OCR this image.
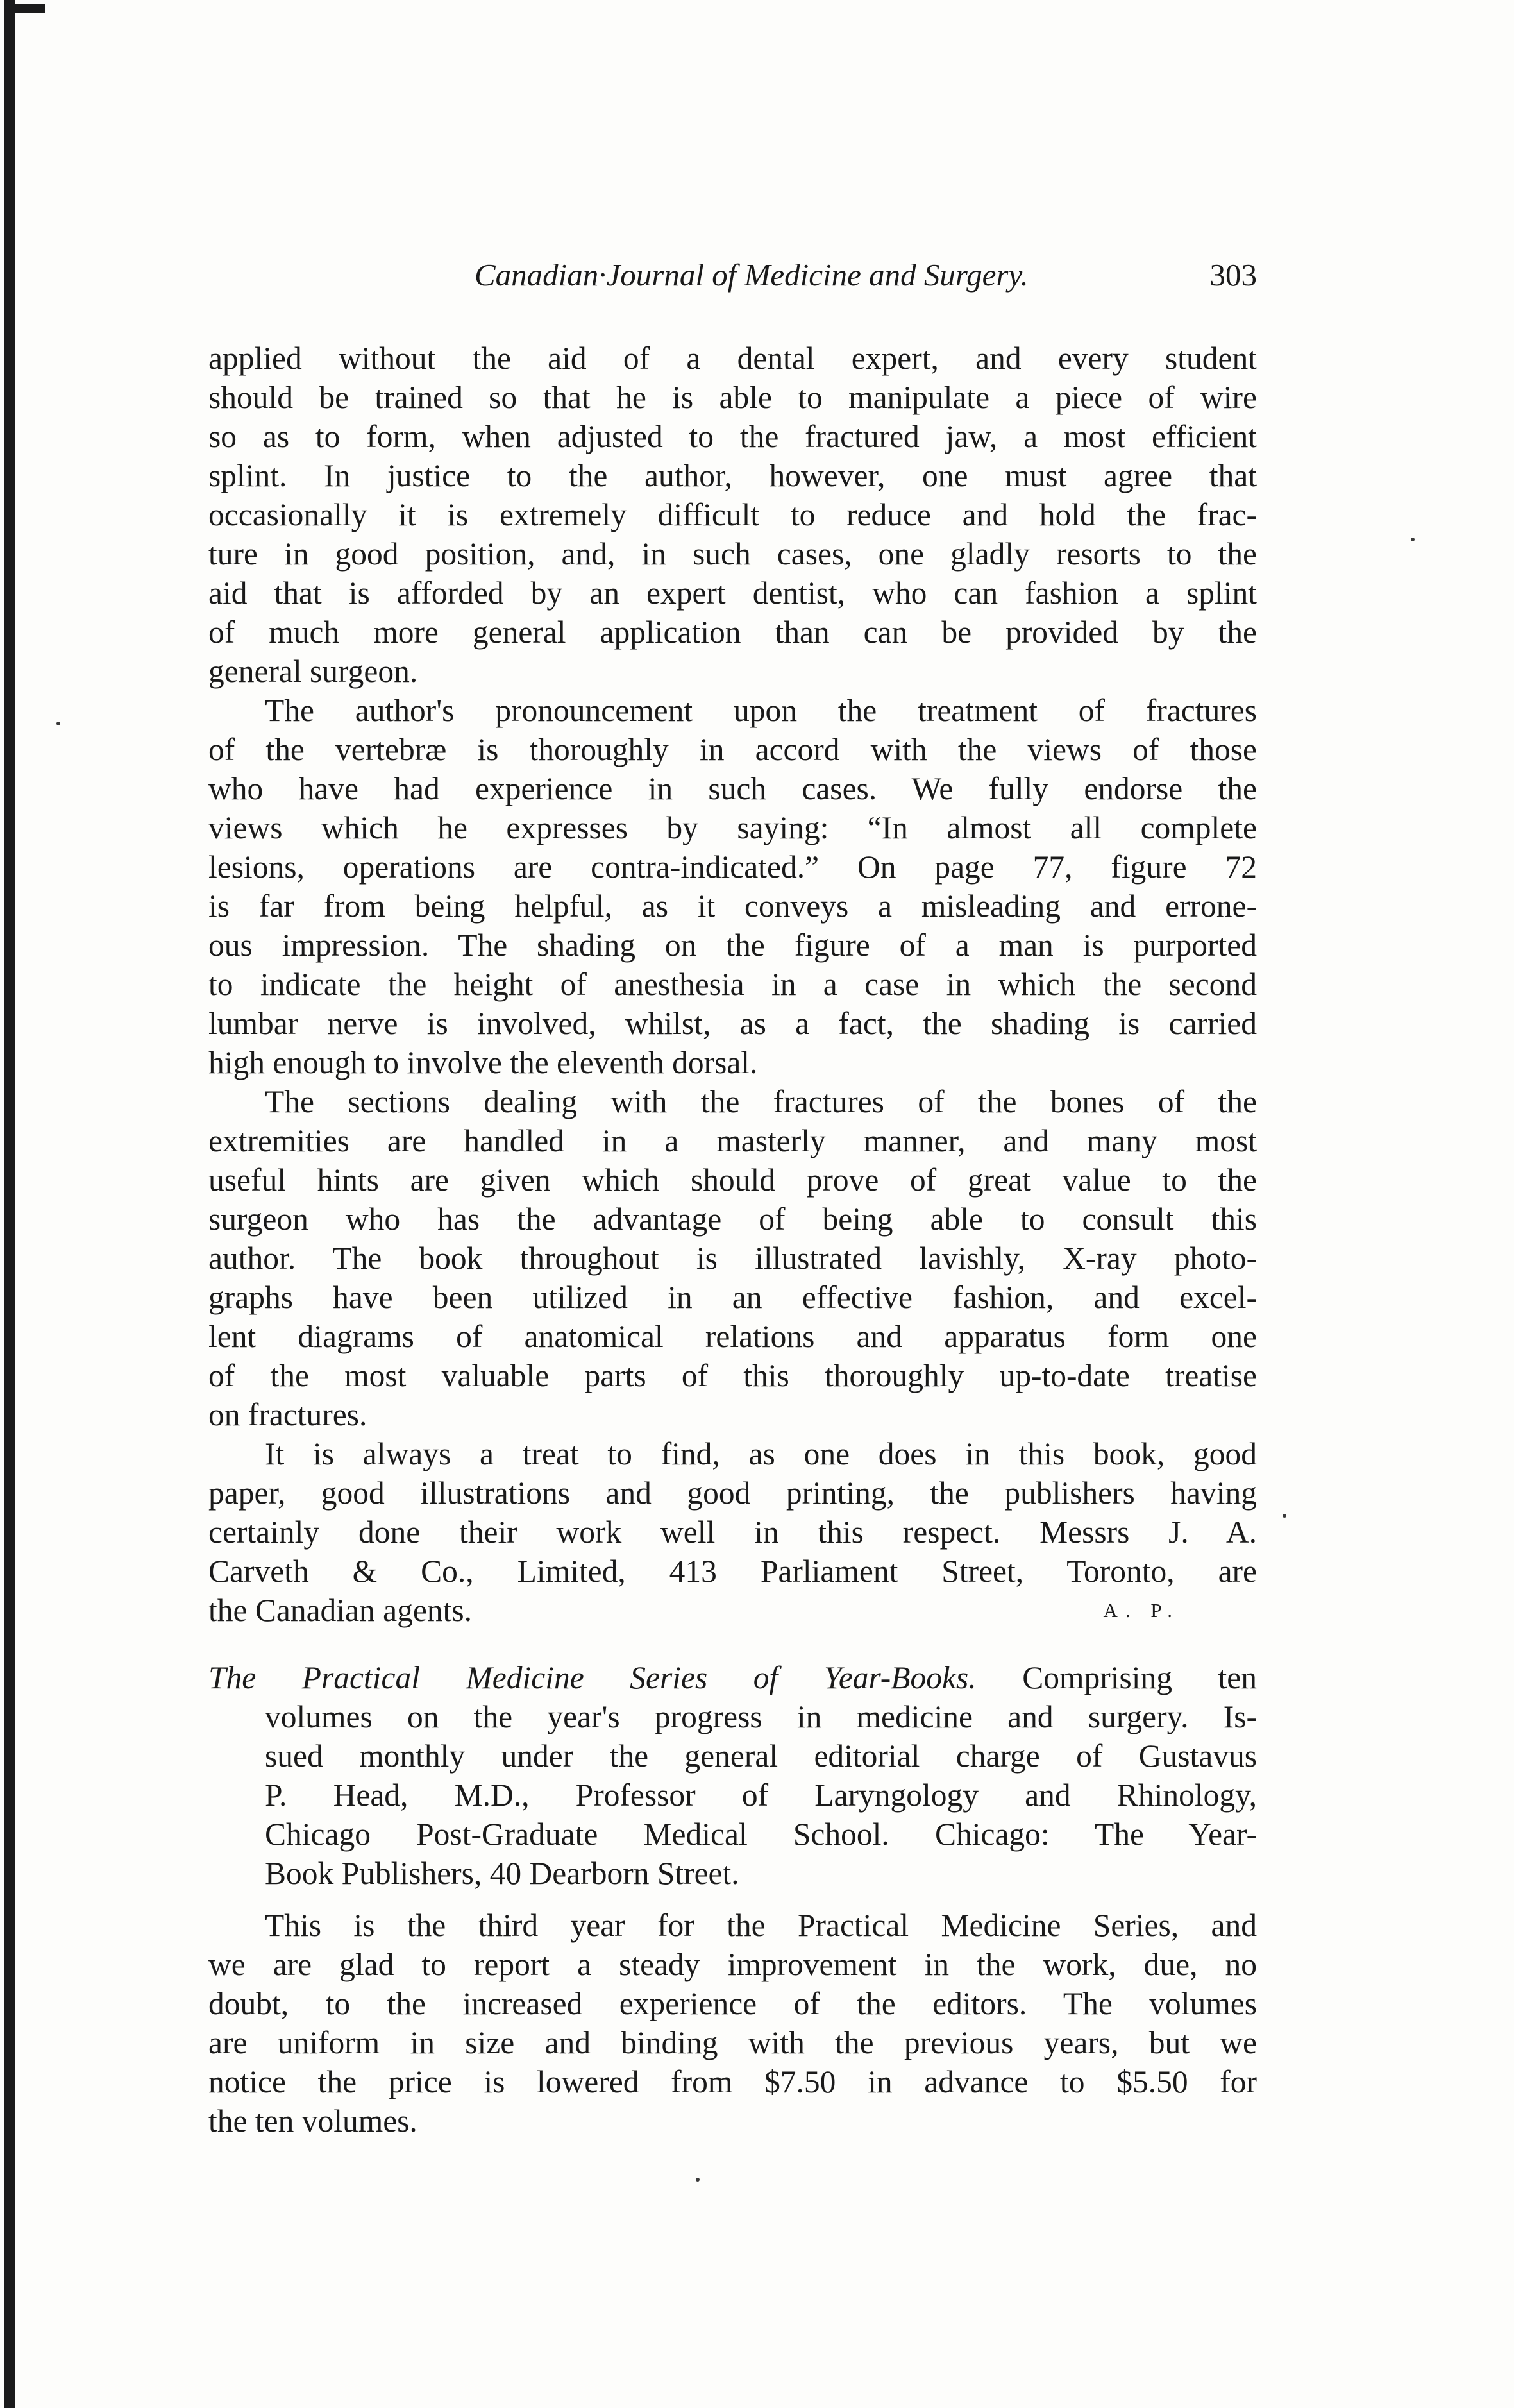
Canadian·Journal of Medicine and Surgery.	303
applied without the aid of a dental expert, and every student
should be trained so that he is able to manipulate a piece of wire
so as to form, when adjusted to the fractured jaw, a most efficient
splint. In justice to the author, however, one must agree that
occasionally it is extremely difficult to reduce and hold the frac-
ture in good position, and, in such cases, one gladly resorts to the
aid that is afforded by an expert dentist, who can fashion a splint
of much more general application than can be provided by the
general surgeon.
The author's pronouncement upon the treatment of fractures
of the vertebræ is thoroughly in accord with the views of those
who have had experience in such cases. We fully endorse the
views which he expresses by saying: “In almost all complete
lesions, operations are contra-indicated.” On page 77, figure 72
is far from being helpful, as it conveys a misleading and errone-
ous impression. The shading on the figure of a man is purported
to indicate the height of anesthesia in a case in which the second
lumbar nerve is involved, whilst, as a fact, the shading is carried
high enough to involve the eleventh dorsal.
The sections dealing with the fractures of the bones of the
extremities are handled in a masterly manner, and many most
useful hints are given which should prove of great value to the
surgeon who has the advantage of being able to consult this
author. The book throughout is illustrated lavishly, X-ray photo-
graphs have been utilized in an effective fashion, and excel-
lent diagrams of anatomical relations and apparatus form one
of the most valuable parts of this thoroughly up-to-date treatise
on fractures.
It is always a treat to find, as one does in this book, good
paper, good illustrations and good printing, the publishers having
certainly done their work well in this respect. Messrs J. A.
Carveth & Co., Limited, 413 Parliament Street, Toronto, are
the Canadian agents.	A. P.
The Practical Medicine Series of Year-Books. Comprising ten
volumes on the year's progress in medicine and surgery. Is-
sued monthly under the general editorial charge of Gustavus
P. Head, M.D., Professor of Laryngology and Rhinology,
Chicago Post-Graduate Medical School. Chicago: The Year-
Book Publishers, 40 Dearborn Street.
This is the third year for the Practical Medicine Series, and
we are glad to report a steady improvement in the work, due, no
doubt, to the increased experience of the editors. The volumes
are uniform in size and binding with the previous years, but we
notice the price is lowered from $7.50 in advance to $5.50 for
the ten volumes.
